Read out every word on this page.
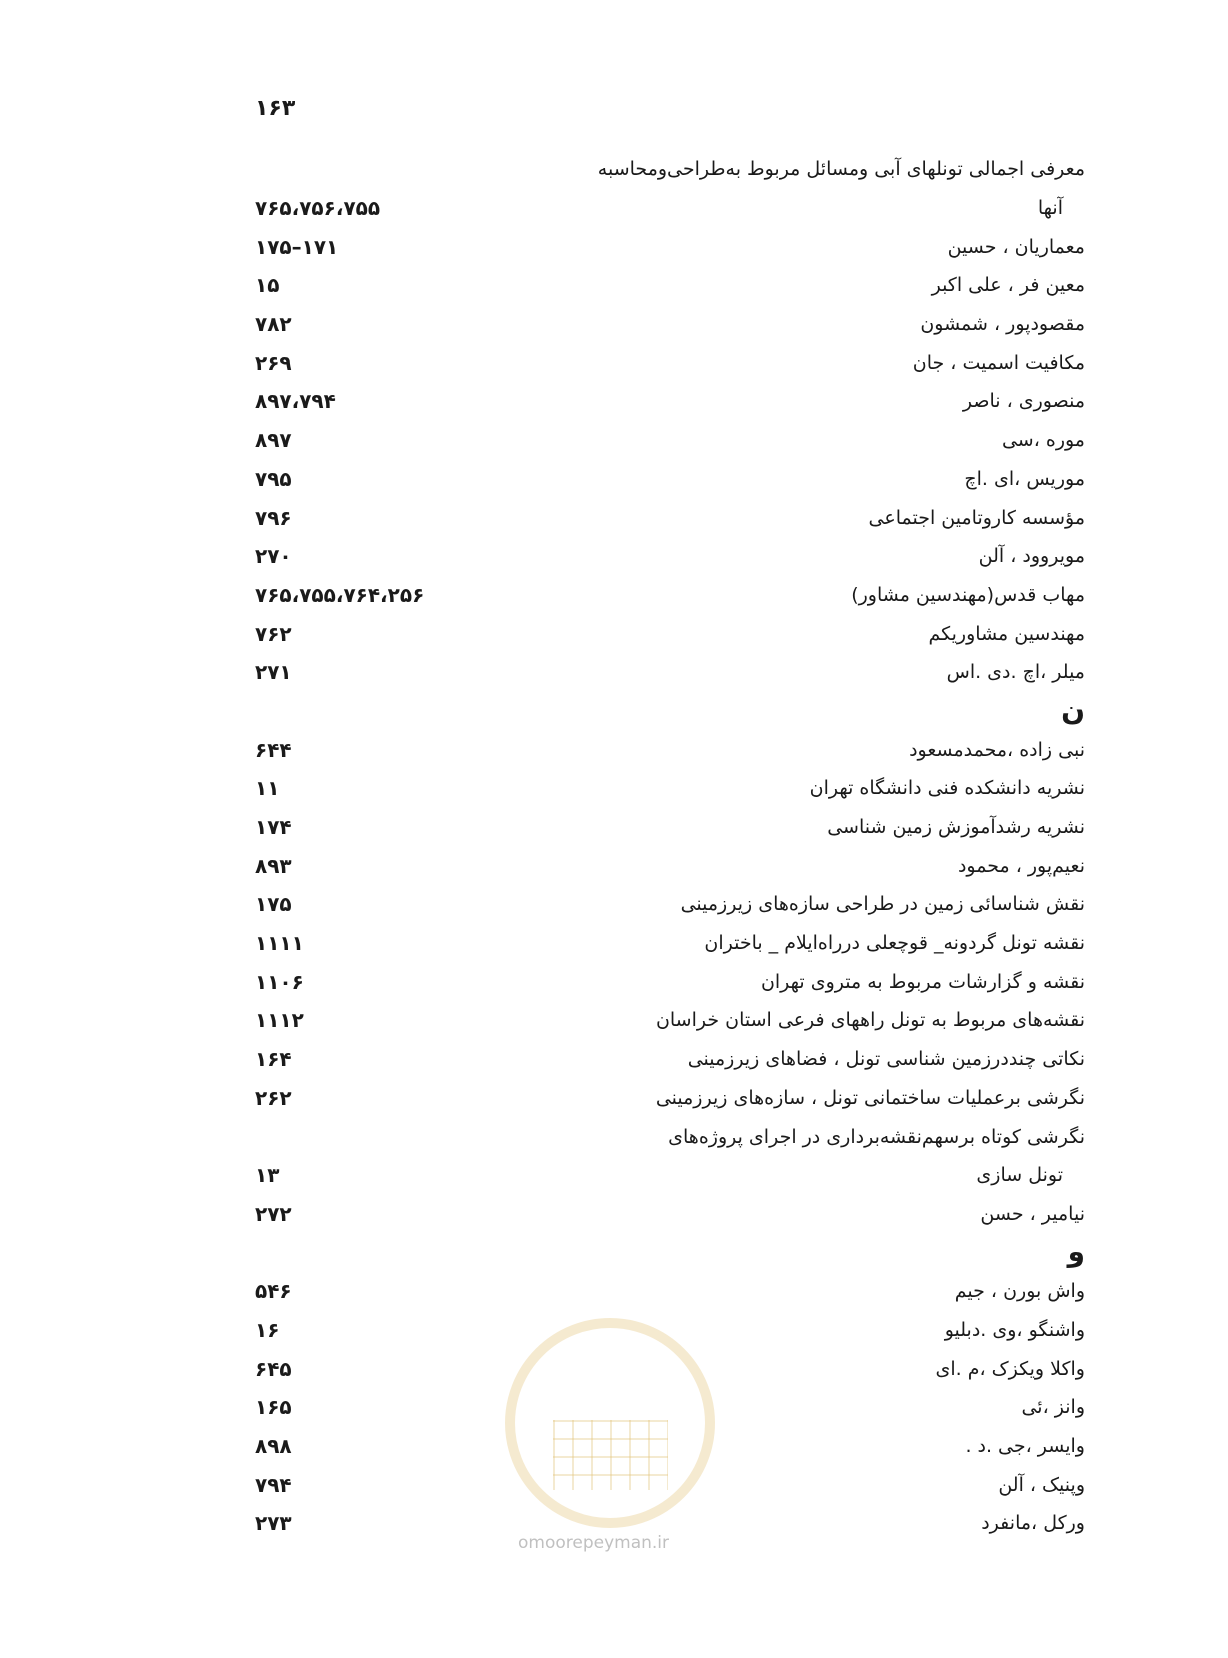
۱۶۳
معرفی اجمالی تونلهای آبی ومسائل مربوط به‌طراحی‌ومحاسبه
آنها
۷۶۵،۷۵۶،۷۵۵
معماریان ، حسین
۱۷۵–۱۷۱
معین فر ، علی اکبر
۱۵
مقصودپور ، شمشون
۷۸۲
مکافیت اسمیت ، جان
۲۶۹
منصوری ، ناصر
۸۹۷،۷۹۴
موره ،سی
۸۹۷
موریس ،ای .اچ
۷۹۵
مؤسسه کاروتامین اجتماعی
۷۹۶
مویروود ، آلن
۲۷۰
مهاب قدس(مهندسین مشاور)
۷۶۵،۷۵۵،۷۶۴،۲۵۶
مهندسین مشاوریکم
۷۶۲
میلر ،اچ .دی .اس
۲۷۱
ن
نبی زاده ،محمدمسعود
۶۴۴
نشریه دانشکده فنی دانشگاه تهران
۱۱
نشریه رشدآموزش زمین شناسی
۱۷۴
نعیم‌پور ، محمود
۸۹۳
نقش شناسائی زمین در طراحی سازه‌های زیرزمینی
۱۷۵
نقشه تونل گردونه_ قوچعلی درراه‌ایلام _ باختران
۱۱۱۱
نقشه و گزارشات مربوط به متروی تهران
۱۱۰۶
نقشه‌های مربوط به تونل راههای فرعی استان خراسان
۱۱۱۲
نکاتی چنددرزمین شناسی تونل ، فضاهای زیرزمینی
۱۶۴
نگرشی برعملیات ساختمانی تونل ، سازه‌های زیرزمینی
۲۶۲
نگرشی کوتاه برسهم‌نقشه‌برداری در اجرای پروژه‌های
تونل سازی
۱۳
نیامیر ، حسن
۲۷۲
و
واش بورن ، جیم
۵۴۶
واشنگو ،وی .دبلیو
۱۶
واکلا ویکزک ،م .ای
۶۴۵
وانز ،ئی
۱۶۵
وایسر ،جی .د .
۸۹۸
وپنیک ، آلن
۷۹۴
ورکل ،مانفرد
۲۷۳
omoorepeyman.ir
